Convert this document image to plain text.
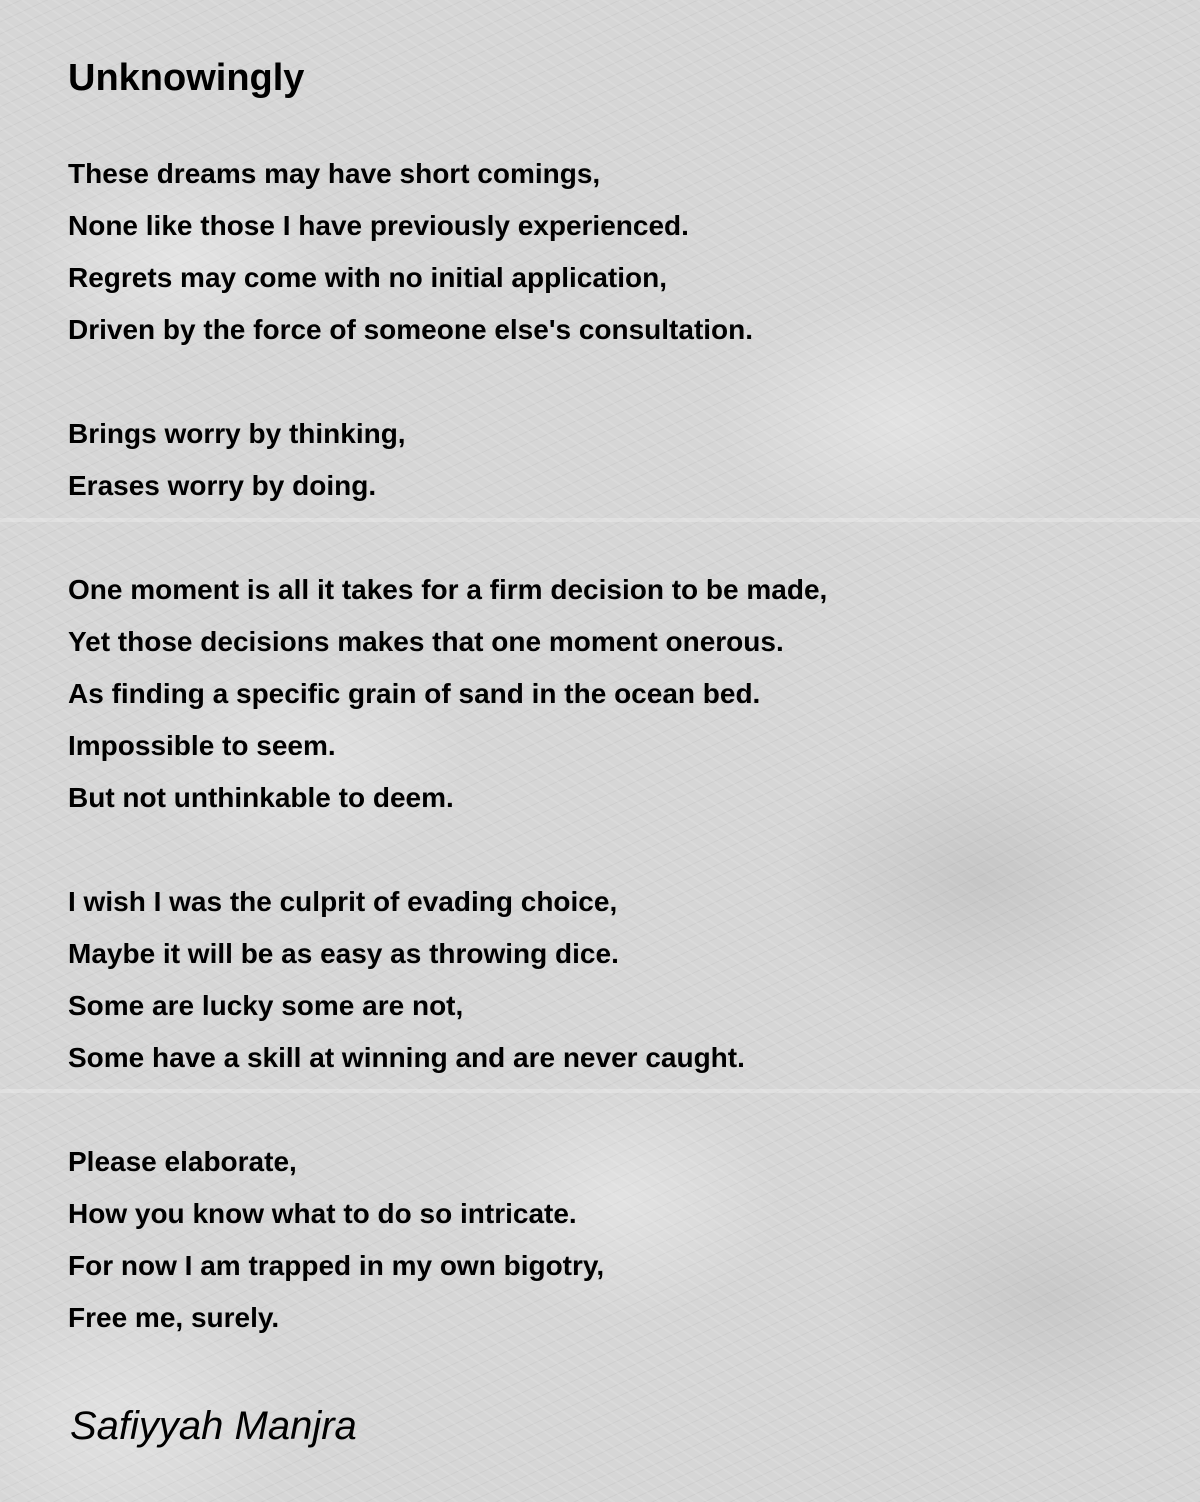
Unknowingly
These dreams may have short comings,
None like those I have previously experienced.
Regrets may come with no initial application,
Driven by the force of someone else's consultation.
Brings worry by thinking,
Erases worry by doing.
One moment is all it takes for a firm decision to be made,
Yet those decisions makes that one moment onerous.
As finding a specific grain of sand in the ocean bed.
Impossible to seem.
But not unthinkable to deem.
I wish I was the culprit of evading choice,
Maybe it will be as easy as throwing dice.
Some are lucky some are not,
Some have a skill at winning and are never caught.
Please elaborate,
How you know what to do so intricate.
For now I am trapped in my own bigotry,
Free me, surely.
Safiyyah Manjra
